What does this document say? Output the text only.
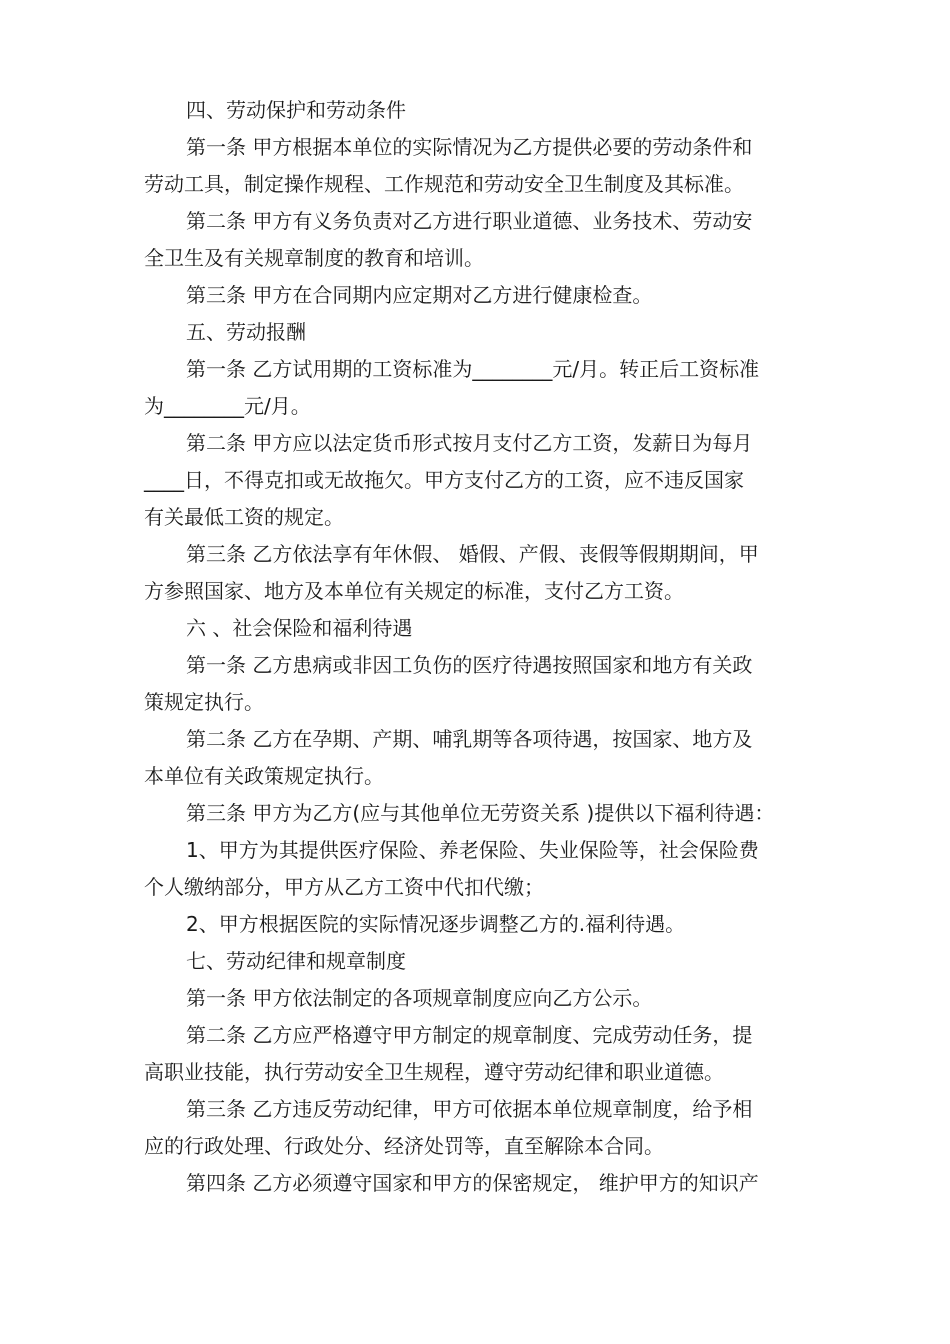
四、劳动保护和劳动条件
第一条 甲方根据本单位的实际情况为乙方提供必要的劳动条件和
劳动工具，制定操作规程、工作规范和劳动安全卫生制度及其标准。
第二条 甲方有义务负责对乙方进行职业道德、业务技术、劳动安
全卫生及有关规章制度的教育和培训。
第三条 甲方在合同期内应定期对乙方进行健康检查。
五、劳动报酬
第一条 乙方试用期的工资标准为________元/月。转正后工资标准
为________元/月。
第二条 甲方应以法定货币形式按月支付乙方工资，发薪日为每月
____日，不得克扣或无故拖欠。甲方支付乙方的工资，应不违反国家
有关最低工资的规定。
第三条 乙方依法享有年休假、 婚假、产假、丧假等假期期间，甲
方参照国家、地方及本单位有关规定的标准，支付乙方工资。
六 、社会保险和福利待遇
第一条 乙方患病或非因工负伤的医疗待遇按照国家和地方有关政
策规定执行。
第二条 乙方在孕期、产期、哺乳期等各项待遇，按国家、地方及
本单位有关政策规定执行。
第三条 甲方为乙方(应与其他单位无劳资关系 )提供以下福利待遇：
1、甲方为其提供医疗保险、养老保险、失业保险等，社会保险费
个人缴纳部分，甲方从乙方工资中代扣代缴；
2、甲方根据医院的实际情况逐步调整乙方的.福利待遇。
七、劳动纪律和规章制度
第一条 甲方依法制定的各项规章制度应向乙方公示。
第二条 乙方应严格遵守甲方制定的规章制度、完成劳动任务，提
高职业技能，执行劳动安全卫生规程，遵守劳动纪律和职业道德。
第三条 乙方违反劳动纪律，甲方可依据本单位规章制度，给予相
应的行政处理、行政处分、经济处罚等，直至解除本合同。
第四条 乙方必须遵守国家和甲方的保密规定， 维护甲方的知识产
